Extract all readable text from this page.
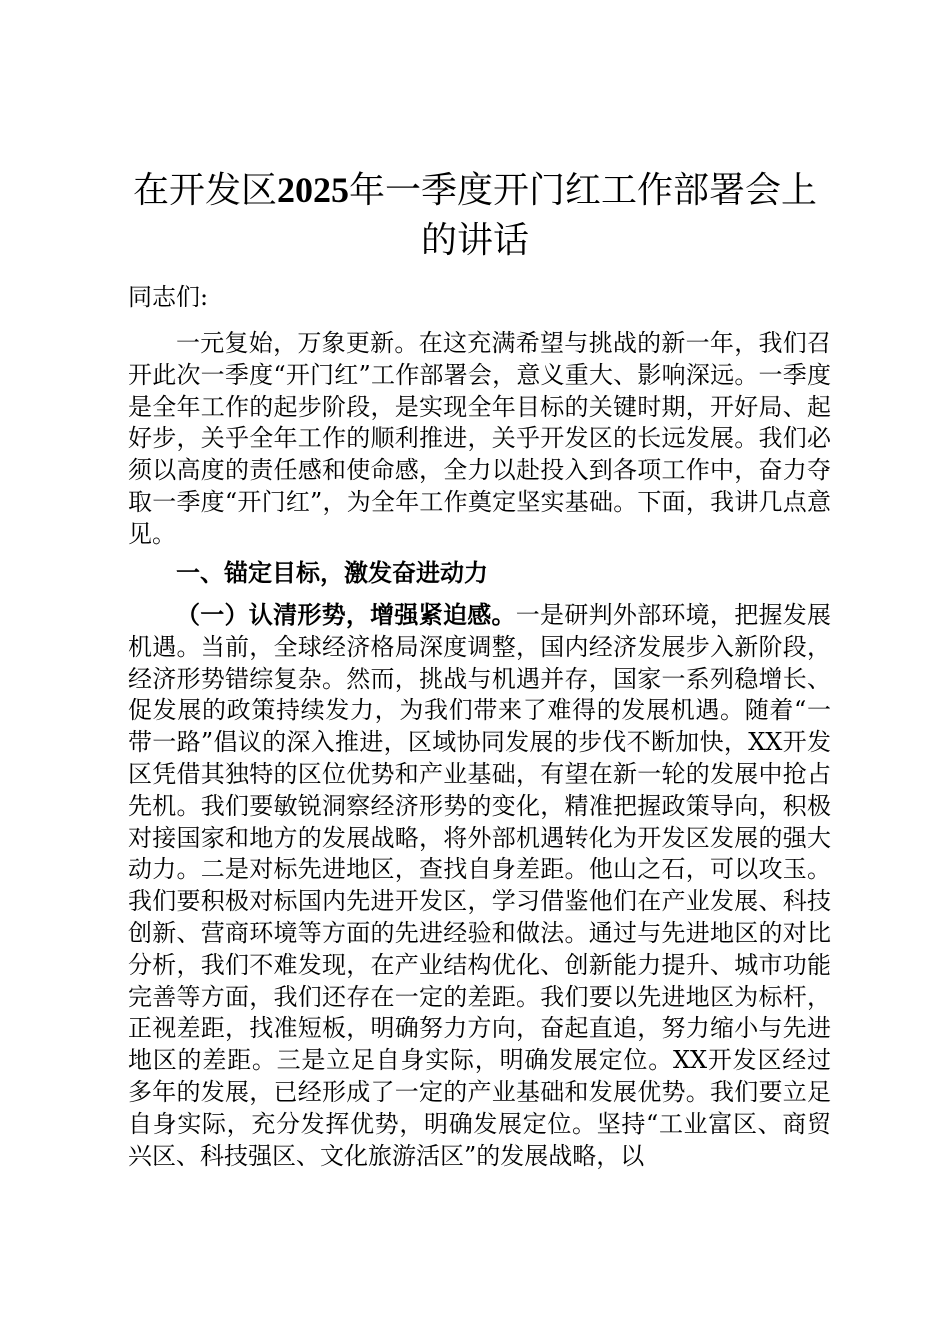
在开发区2025年一季度开门红工作部署会上的讲话
同志们:
一元复始，万象更新。在这充满希望与挑战的新一年，我们召开此次一季度“开门红”工作部署会，意义重大、影响深远。一季度是全年工作的起步阶段，是实现全年目标的关键时期，开好局、起好步，关乎全年工作的顺利推进，关乎开发区的长远发展。我们必须以高度的责任感和使命感，全力以赴投入到各项工作中，奋力夺取一季度“开门红”，为全年工作奠定坚实基础。下面，我讲几点意见。
一、锚定目标，激发奋进动力
（一）认清形势，增强紧迫感。一是研判外部环境，把握发展机遇。当前，全球经济格局深度调整，国内经济发展步入新阶段，经济形势错综复杂。然而，挑战与机遇并存，国家一系列稳增长、促发展的政策持续发力，为我们带来了难得的发展机遇。随着“一带一路”倡议的深入推进，区域协同发展的步伐不断加快，XX开发区凭借其独特的区位优势和产业基础，有望在新一轮的发展中抢占先机。我们要敏锐洞察经济形势的变化，精准把握政策导向，积极对接国家和地方的发展战略，将外部机遇转化为开发区发展的强大动力。二是对标先进地区，查找自身差距。他山之石，可以攻玉。我们要积极对标国内先进开发区，学习借鉴他们在产业发展、科技创新、营商环境等方面的先进经验和做法。通过与先进地区的对比分析，我们不难发现，在产业结构优化、创新能力提升、城市功能完善等方面，我们还存在一定的差距。我们要以先进地区为标杆，正视差距，找准短板，明确努力方向，奋起直追，努力缩小与先进地区的差距。三是立足自身实际，明确发展定位。XX开发区经过多年的发展，已经形成了一定的产业基础和发展优势。我们要立足自身实际，充分发挥优势，明确发展定位。坚持“工业富区、商贸兴区、科技强区、文化旅游活区”的发展战略，以
